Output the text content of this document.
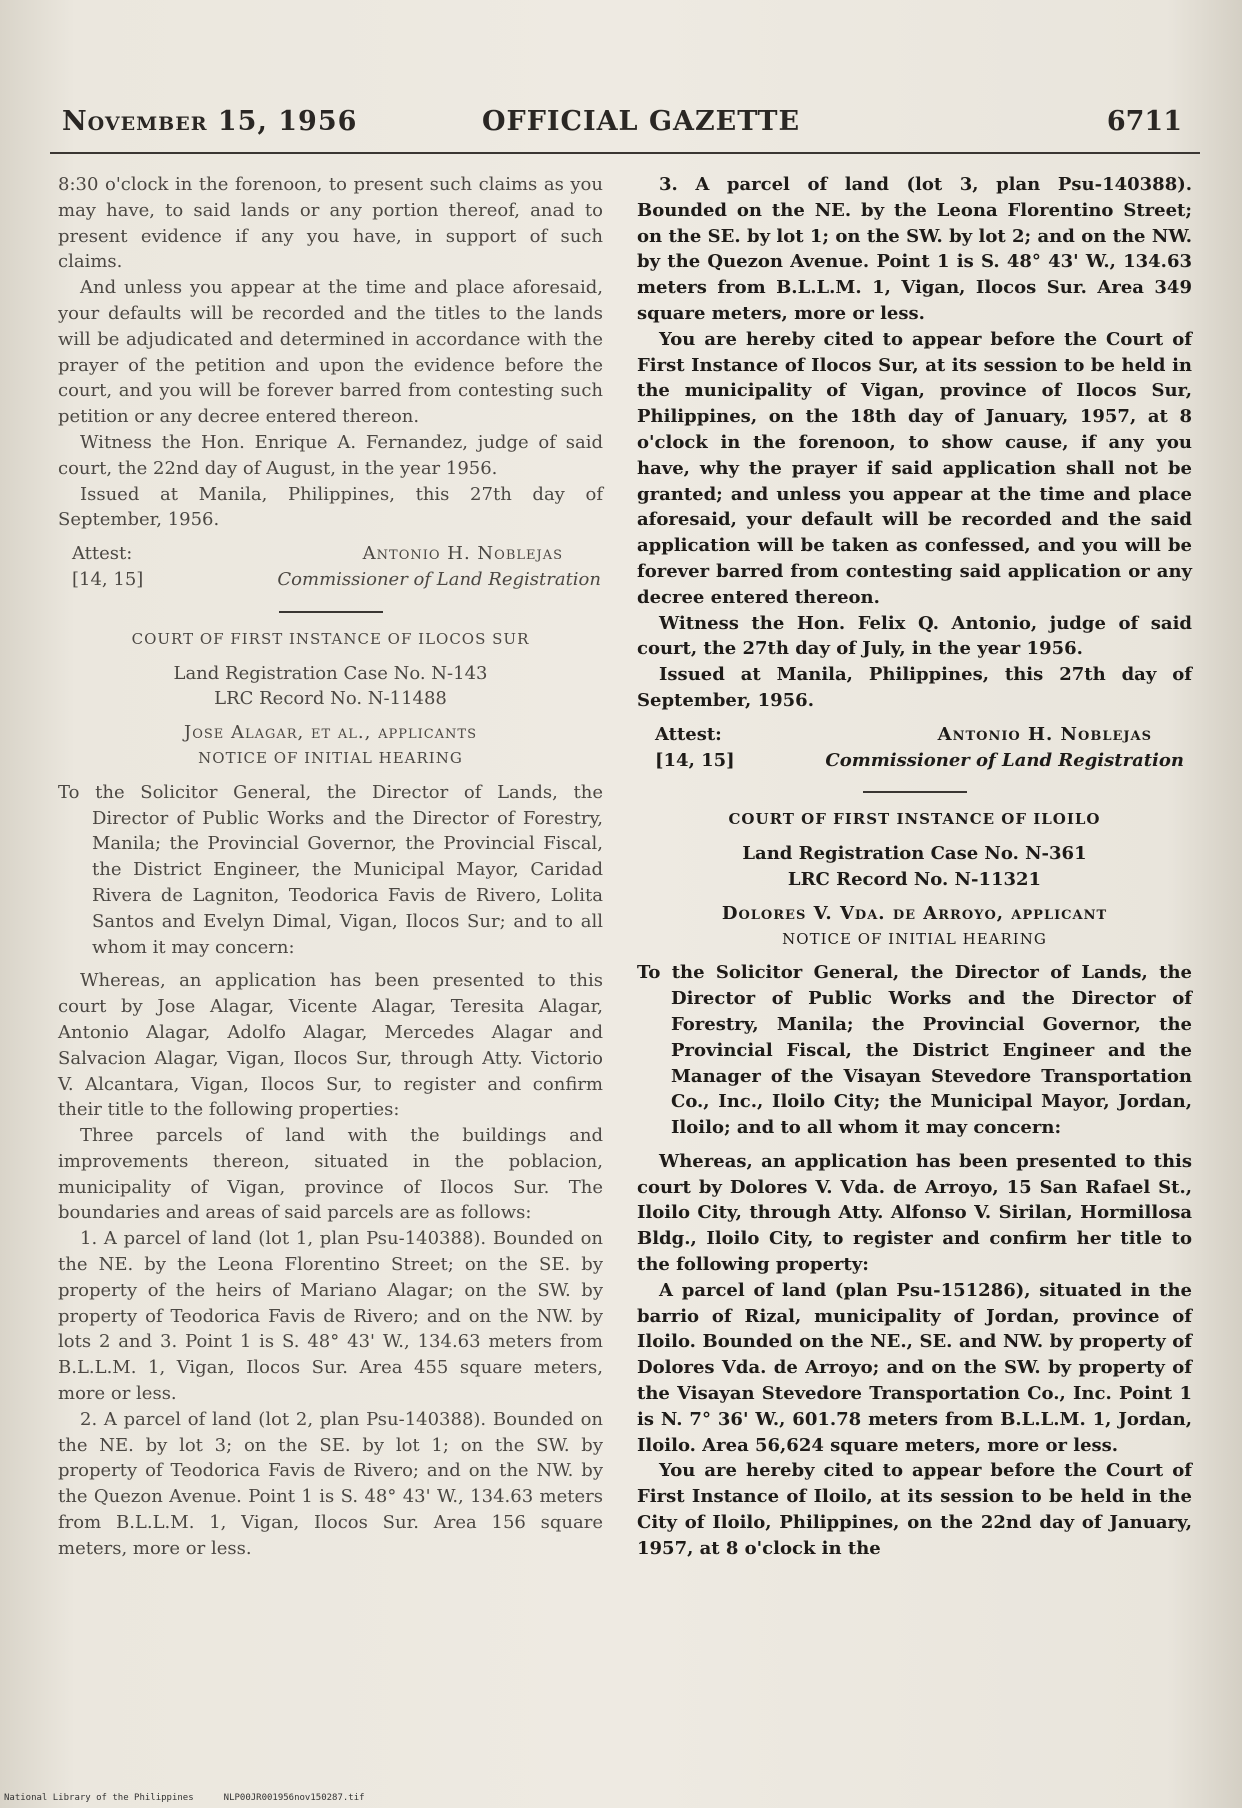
November 15, 1956	OFFICIAL GAZETTE	6711

8:30 o'clock in the forenoon, to present such claims as you may have, to said lands or any portion thereof, anad to present evidence if any you have, in support of such claims.

And unless you appear at the time and place aforesaid, your defaults will be recorded and the titles to the lands will be adjudicated and determined in accordance with the prayer of the petition and upon the evidence before the court, and you will be forever barred from contesting such petition or any decree entered thereon.

Witness the Hon. Enrique A. Fernandez, judge of said court, the 22nd day of August, in the year 1956.

Issued at Manila, Philippines, this 27th day of September, 1956.

Attest:	Antonio H. Noblejas
[14, 15]	Commissioner of Land Registration
COURT OF FIRST INSTANCE OF ILOCOS SUR
Land Registration Case No. N-143
LRC Record No. N-11488
Jose Alagar, et al., applicants
NOTICE OF INITIAL HEARING

To the Solicitor General, the Director of Lands, the Director of Public Works and the Director of Forestry, Manila; the Provincial Governor, the Provincial Fiscal, the District Engineer, the Municipal Mayor, Caridad Rivera de Lagniton, Teodorica Favis de Rivero, Lolita Santos and Evelyn Dimal, Vigan, Ilocos Sur; and to all whom it may concern:

Whereas, an application has been presented to this court by Jose Alagar, Vicente Alagar, Teresita Alagar, Antonio Alagar, Adolfo Alagar, Mercedes Alagar and Salvacion Alagar, Vigan, Ilocos Sur, through Atty. Victorio V. Alcantara, Vigan, Ilocos Sur, to register and confirm their title to the following properties:

Three parcels of land with the buildings and improvements thereon, situated in the poblacion, municipality of Vigan, province of Ilocos Sur. The boundaries and areas of said parcels are as follows:

1. A parcel of land (lot 1, plan Psu-140388). Bounded on the NE. by the Leona Florentino Street; on the SE. by property of the heirs of Mariano Alagar; on the SW. by property of Teodorica Favis de Rivero; and on the NW. by lots 2 and 3. Point 1 is S. 48° 43' W., 134.63 meters from B.L.L.M. 1, Vigan, Ilocos Sur. Area 455 square meters, more or less.

2. A parcel of land (lot 2, plan Psu-140388). Bounded on the NE. by lot 3; on the SE. by lot 1; on the SW. by property of Teodorica Favis de Rivero; and on the NW. by the Quezon Avenue. Point 1 is S. 48° 43' W., 134.63 meters from B.L.L.M. 1, Vigan, Ilocos Sur. Area 156 square meters, more or less.

3. A parcel of land (lot 3, plan Psu-140388). Bounded on the NE. by the Leona Florentino Street; on the SE. by lot 1; on the SW. by lot 2; and on the NW. by the Quezon Avenue. Point 1 is S. 48° 43' W., 134.63 meters from B.L.L.M. 1, Vigan, Ilocos Sur. Area 349 square meters, more or less.

You are hereby cited to appear before the Court of First Instance of Ilocos Sur, at its session to be held in the municipality of Vigan, province of Ilocos Sur, Philippines, on the 18th day of January, 1957, at 8 o'clock in the forenoon, to show cause, if any you have, why the prayer if said application shall not be granted; and unless you appear at the time and place aforesaid, your default will be recorded and the said application will be taken as confessed, and you will be forever barred from contesting said application or any decree entered thereon.

Witness the Hon. Felix Q. Antonio, judge of said court, the 27th day of July, in the year 1956.

Issued at Manila, Philippines, this 27th day of September, 1956.

Attest:	Antonio H. Noblejas
[14, 15]	Commissioner of Land Registration
COURT OF FIRST INSTANCE OF ILOILO
Land Registration Case No. N-361
LRC Record No. N-11321
Dolores V. Vda. de Arroyo, applicant
NOTICE OF INITIAL HEARING

To the Solicitor General, the Director of Lands, the Director of Public Works and the Director of Forestry, Manila; the Provincial Governor, the Provincial Fiscal, the District Engineer and the Manager of the Visayan Stevedore Transportation Co., Inc., Iloilo City; the Municipal Mayor, Jordan, Iloilo; and to all whom it may concern:

Whereas, an application has been presented to this court by Dolores V. Vda. de Arroyo, 15 San Rafael St., Iloilo City, through Atty. Alfonso V. Sirilan, Hormillosa Bldg., Iloilo City, to register and confirm her title to the following property:

A parcel of land (plan Psu-151286), situated in the barrio of Rizal, municipality of Jordan, province of Iloilo. Bounded on the NE., SE. and NW. by property of Dolores Vda. de Arroyo; and on the SW. by property of the Visayan Stevedore Transportation Co., Inc. Point 1 is N. 7° 36' W., 601.78 meters from B.L.L.M. 1, Jordan, Iloilo. Area 56,624 square meters, more or less.

You are hereby cited to appear before the Court of First Instance of Iloilo, at its session to be held in the City of Iloilo, Philippines, on the 22nd day of January, 1957, at 8 o'clock in the

National Library of the Philippines	NLP00JR001956nov150287.tif
